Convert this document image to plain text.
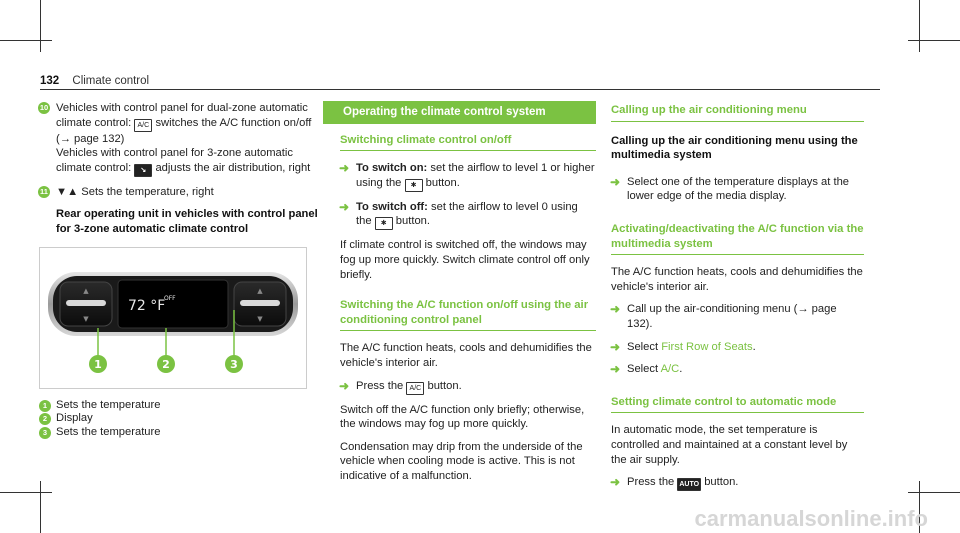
132 Climate control
10 Vehicles with control panel for dual-zone automatic climate control: A/C switches the A/C function on/off (→ page 132)
Vehicles with control panel for 3-zone automatic climate control: ↘ adjusts the air distribution, right

11 ▼▲ Sets the temperature, right

Rear operating unit in vehicles with control panel for 3-zone automatic climate control

▲
▼
▲
▼
72 °F
OFF
1	2	3
1 Sets the temperature
2 Display
3 Sets the temperature
Operating the climate control system
Switching climate control on/off
➜ To switch on: set the airflow to level 1 or higher using the ✱ button.
➜ To switch off: set the airflow to level 0 using the ✱ button.

If climate control is switched off, the windows may fog up more quickly. Switch climate control off only briefly.

Switching the A/C function on/off using the air conditioning control panel

The A/C function heats, cools and dehumidifies the vehicle's interior air.

➜ Press the A/C button.

Switch off the A/C function only briefly; otherwise, the windows may fog up more quickly.

Condensation may drip from the underside of the vehicle when cooling mode is active. This is not indicative of a malfunction.

Calling up the air conditioning menu

Calling up the air conditioning menu using the multimedia system

➜ Select one of the temperature displays at the lower edge of the media display.
Activating/deactivating the A/C function via the multimedia system

The A/C function heats, cools and dehumidifies the vehicle's interior air.

➜ Call up the air-conditioning menu (→ page 132).
➜ Select First Row of Seats.
➜ Select A/C.
Setting climate control to automatic mode

In automatic mode, the set temperature is controlled and maintained at a constant level by the air supply.

➜ Press the AUTO button.
carmanualsonline.info
